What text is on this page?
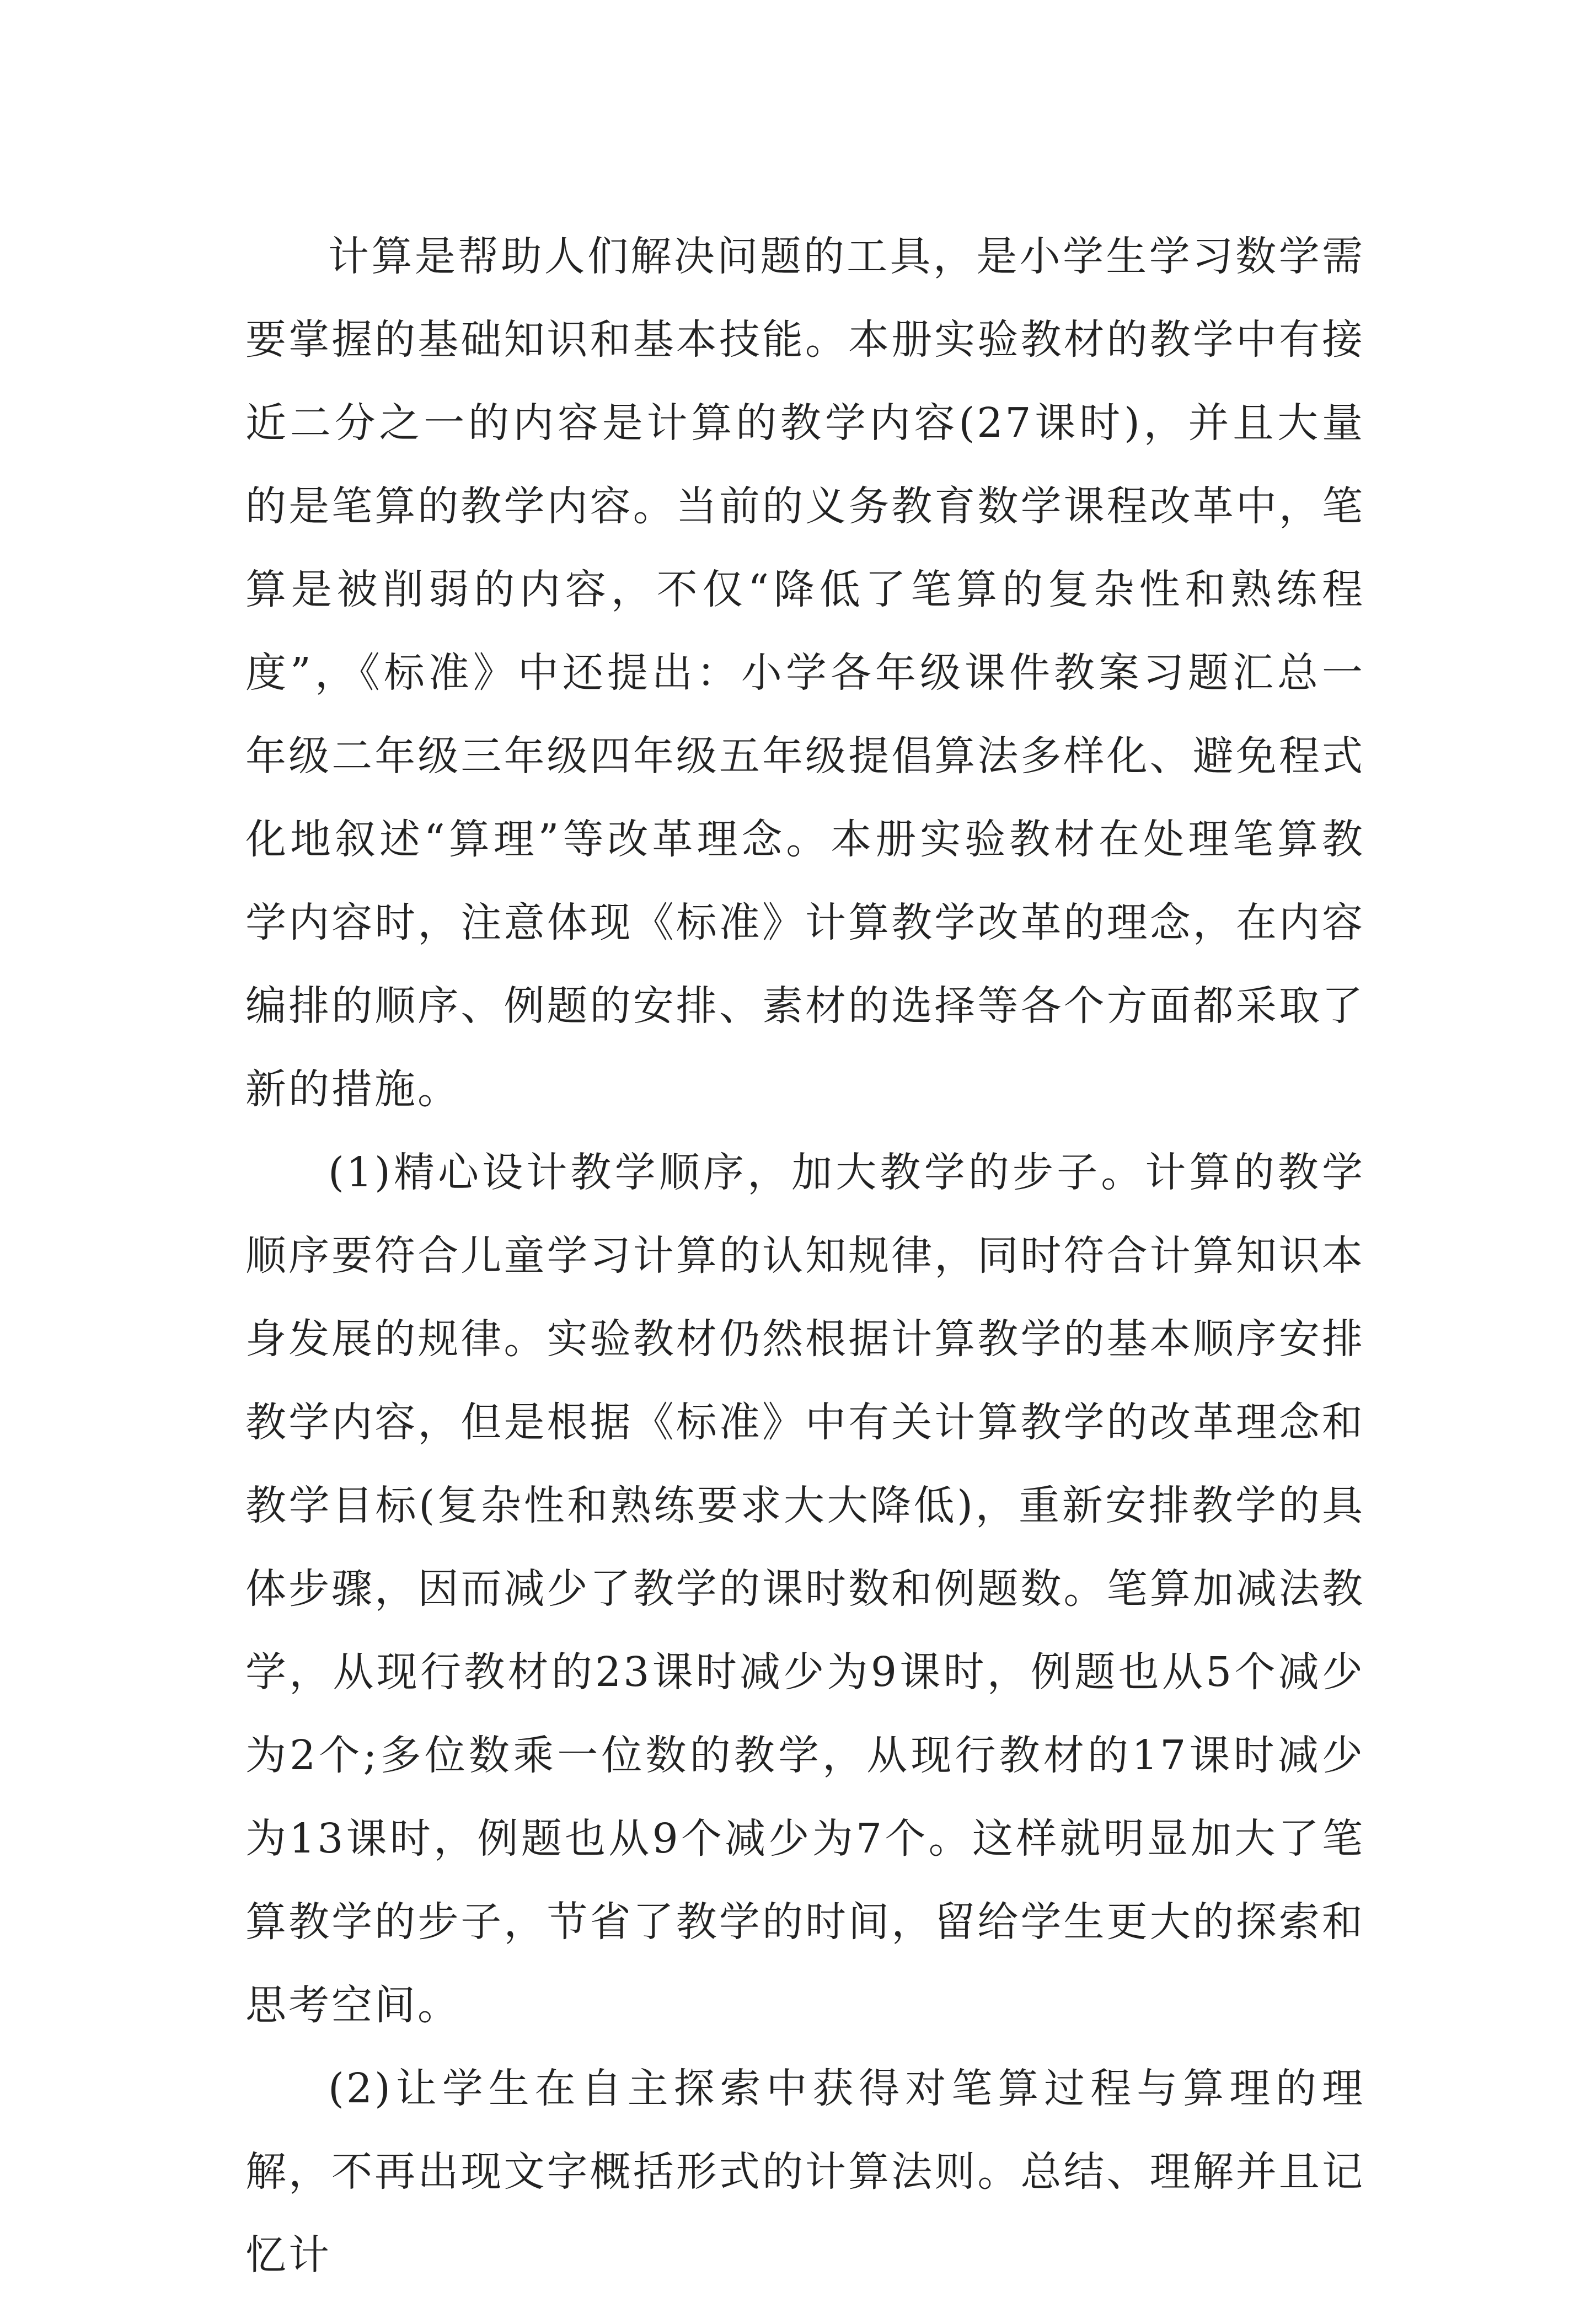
计算是帮助人们解决问题的工具，是小学生学习数学需要掌握的基础知识和基本技能。本册实验教材的教学中有接近二分之一的内容是计算的教学内容(27课时)，并且大量的是笔算的教学内容。当前的义务教育数学课程改革中，笔算是被削弱的内容，不仅“降低了笔算的复杂性和熟练程度”，《标准》中还提出：小学各年级课件教案习题汇总一年级二年级三年级四年级五年级提倡算法多样化、避免程式化地叙述“算理”等改革理念。本册实验教材在处理笔算教学内容时，注意体现《标准》计算教学改革的理念，在内容编排的顺序、例题的安排、素材的选择等各个方面都采取了新的措施。

(1)精心设计教学顺序，加大教学的步子。计算的教学顺序要符合儿童学习计算的认知规律，同时符合计算知识本身发展的规律。实验教材仍然根据计算教学的基本顺序安排教学内容，但是根据《标准》中有关计算教学的改革理念和教学目标(复杂性和熟练要求大大降低)，重新安排教学的具体步骤，因而减少了教学的课时数和例题数。笔算加减法教学，从现行教材的23课时减少为9课时，例题也从5个减少为2个;多位数乘一位数的教学，从现行教材的17课时减少为13课时，例题也从9个减少为7个。这样就明显加大了笔算教学的步子，节省了教学的时间，留给学生更大的探索和思考空间。

(2)让学生在自主探索中获得对笔算过程与算理的理解，不再出现文字概括形式的计算法则。总结、理解并且记忆计
